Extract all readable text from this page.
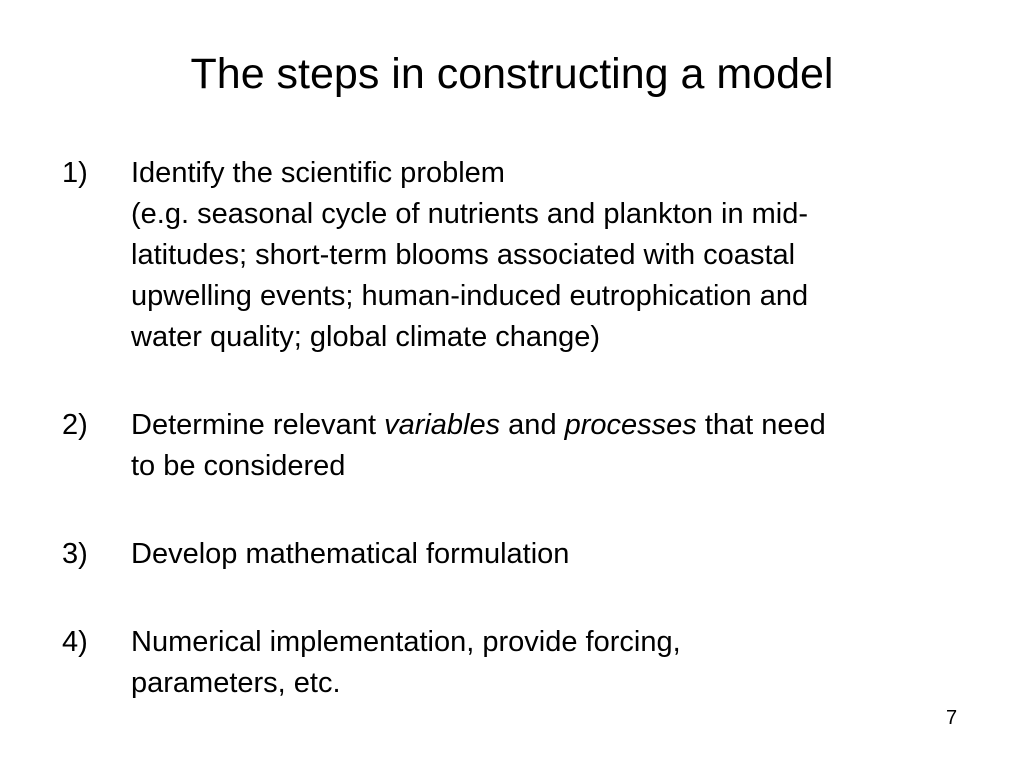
The steps in constructing a model
1) Identify the scientific problem
(e.g. seasonal cycle of nutrients and plankton in mid-
latitudes; short-term blooms associated with coastal
upwelling events; human-induced eutrophication and
water quality; global climate change)
2) Determine relevant variables and processes that need
to be considered
3) Develop mathematical formulation
4) Numerical implementation, provide forcing,
parameters, etc.
7
